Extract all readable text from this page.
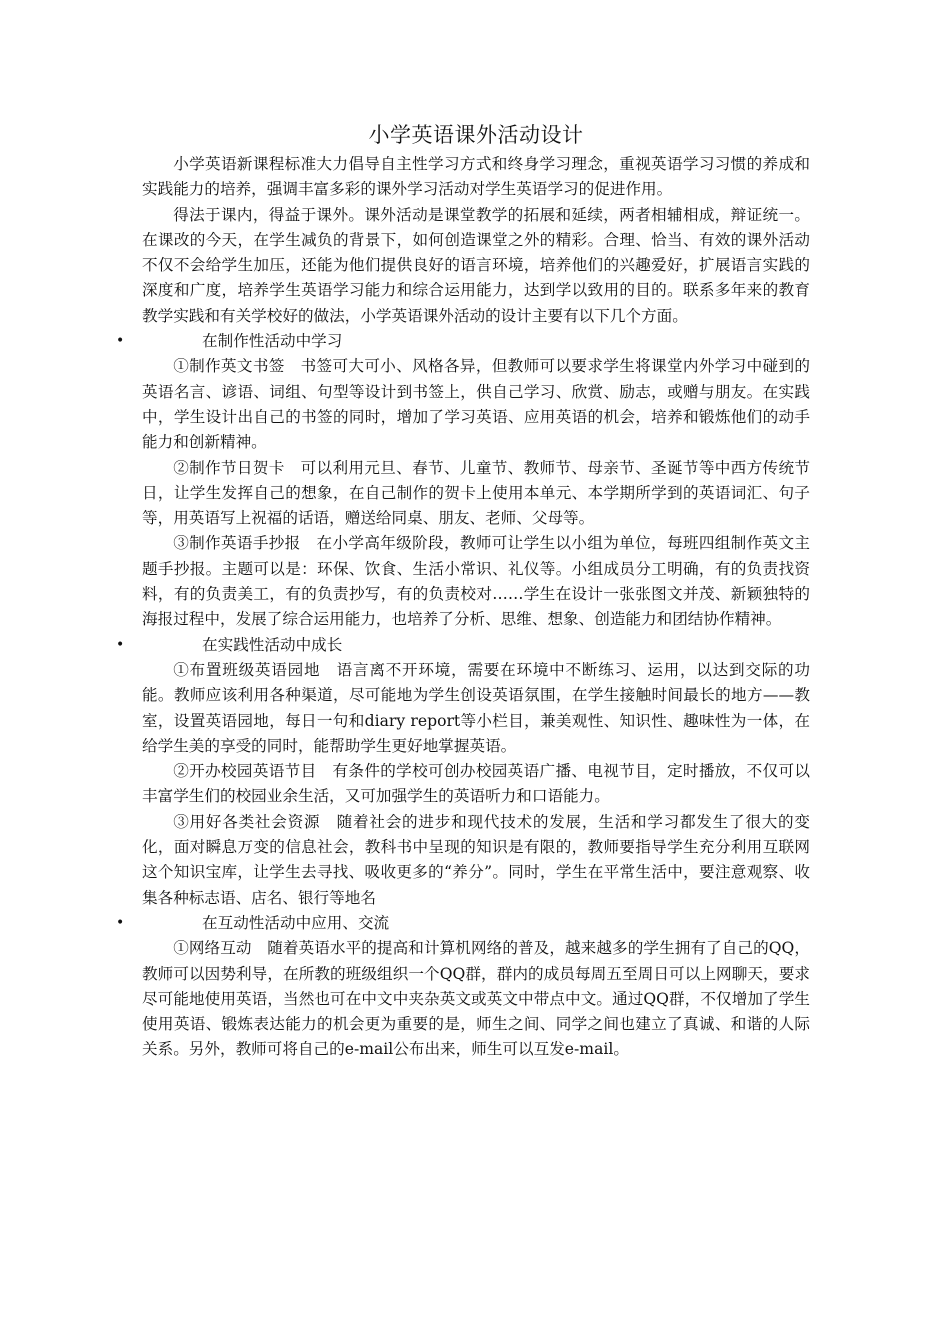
小学英语课外活动设计

小学英语新课程标准大力倡导自主性学习方式和终身学习理念，重视英语学习习惯的养成和实践能力的培养，强调丰富多彩的课外学习活动对学生英语学习的促进作用。

得法于课内，得益于课外。课外活动是课堂教学的拓展和延续，两者相辅相成，辩证统一。在课改的今天，在学生减负的背景下，如何创造课堂之外的精彩。合理、恰当、有效的课外活动不仅不会给学生加压，还能为他们提供良好的语言环境，培养他们的兴趣爱好，扩展语言实践的深度和广度，培养学生英语学习能力和综合运用能力，达到学以致用的目的。联系多年来的教育教学实践和有关学校好的做法，小学英语课外活动的设计主要有以下几个方面。

•	在制作性活动中学习

①制作英文书签　书签可大可小、风格各异，但教师可以要求学生将课堂内外学习中碰到的英语名言、谚语、词组、句型等设计到书签上，供自己学习、欣赏、励志，或赠与朋友。在实践中，学生设计出自己的书签的同时，增加了学习英语、应用英语的机会，培养和锻炼他们的动手能力和创新精神。

②制作节日贺卡　可以利用元旦、春节、儿童节、教师节、母亲节、圣诞节等中西方传统节日，让学生发挥自己的想象，在自己制作的贺卡上使用本单元、本学期所学到的英语词汇、句子等，用英语写上祝福的话语，赠送给同桌、朋友、老师、父母等。

③制作英语手抄报　在小学高年级阶段，教师可让学生以小组为单位，每班四组制作英文主题手抄报。主题可以是：环保、饮食、生活小常识、礼仪等。小组成员分工明确，有的负责找资料，有的负责美工，有的负责抄写，有的负责校对……学生在设计一张张图文并茂、新颖独特的海报过程中，发展了综合运用能力，也培养了分析、思维、想象、创造能力和团结协作精神。

•	在实践性活动中成长

①布置班级英语园地　语言离不开环境，需要在环境中不断练习、运用，以达到交际的功能。教师应该利用各种渠道，尽可能地为学生创设英语氛围，在学生接触时间最长的地方——教室，设置英语园地，每日一句和diary report等小栏目，兼美观性、知识性、趣味性为一体，在给学生美的享受的同时，能帮助学生更好地掌握英语。

②开办校园英语节目　有条件的学校可创办校园英语广播、电视节目，定时播放，不仅可以丰富学生们的校园业余生活，又可加强学生的英语听力和口语能力。

③用好各类社会资源　随着社会的进步和现代技术的发展，生活和学习都发生了很大的变化，面对瞬息万变的信息社会，教科书中呈现的知识是有限的，教师要指导学生充分利用互联网这个知识宝库，让学生去寻找、吸收更多的“养分”。同时，学生在平常生活中，要注意观察、收集各种标志语、店名、银行等地名

•	在互动性活动中应用、交流

①网络互动　随着英语水平的提高和计算机网络的普及，越来越多的学生拥有了自己的QQ，教师可以因势利导，在所教的班级组织一个QQ群，群内的成员每周五至周日可以上网聊天，要求尽可能地使用英语，当然也可在中文中夹杂英文或英文中带点中文。通过QQ群，不仅增加了学生使用英语、锻炼表达能力的机会更为重要的是，师生之间、同学之间也建立了真诚、和谐的人际关系。另外，教师可将自己的e-mail公布出来，师生可以互发e-mail。
